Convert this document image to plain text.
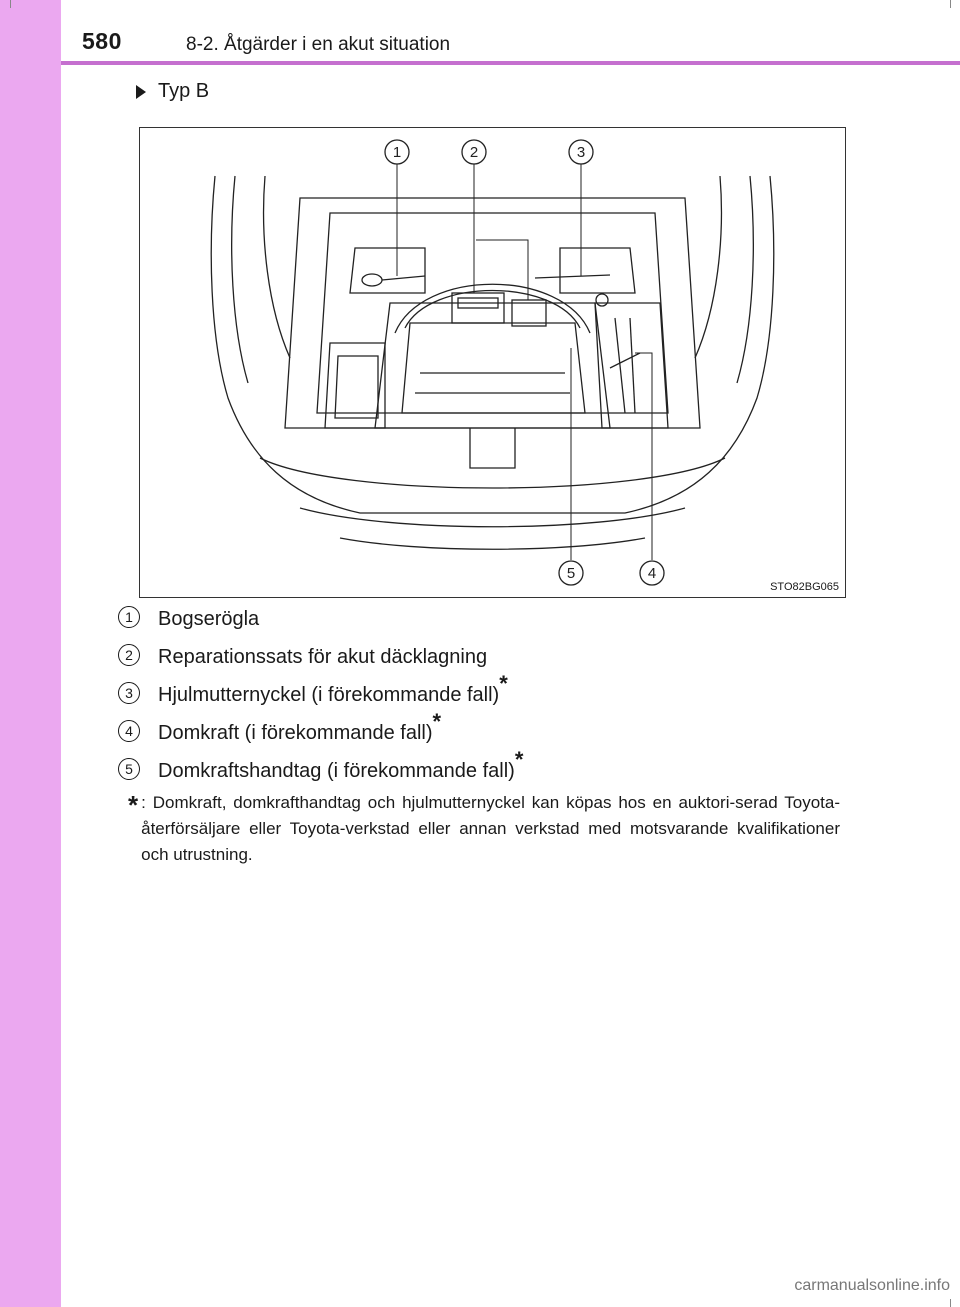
580	8-2. Åtgärder i en akut situation
Typ B
1	2	3
4
5
STO82BG065
1	Bogserögla
2	Reparationssats för akut däcklagning
3	Hjulmutternyckel (i förekommande fall)*
4	Domkraft (i förekommande fall)*
5	Domkraftshandtag (i förekommande fall)*
* : Domkraft, domkrafthandtag och hjulmutternyckel kan köpas hos en auktori-serad Toyota-återförsäljare eller Toyota-verkstad eller annan verkstad med motsvarande kvalifikationer och utrustning.
carmanualsonline.info
